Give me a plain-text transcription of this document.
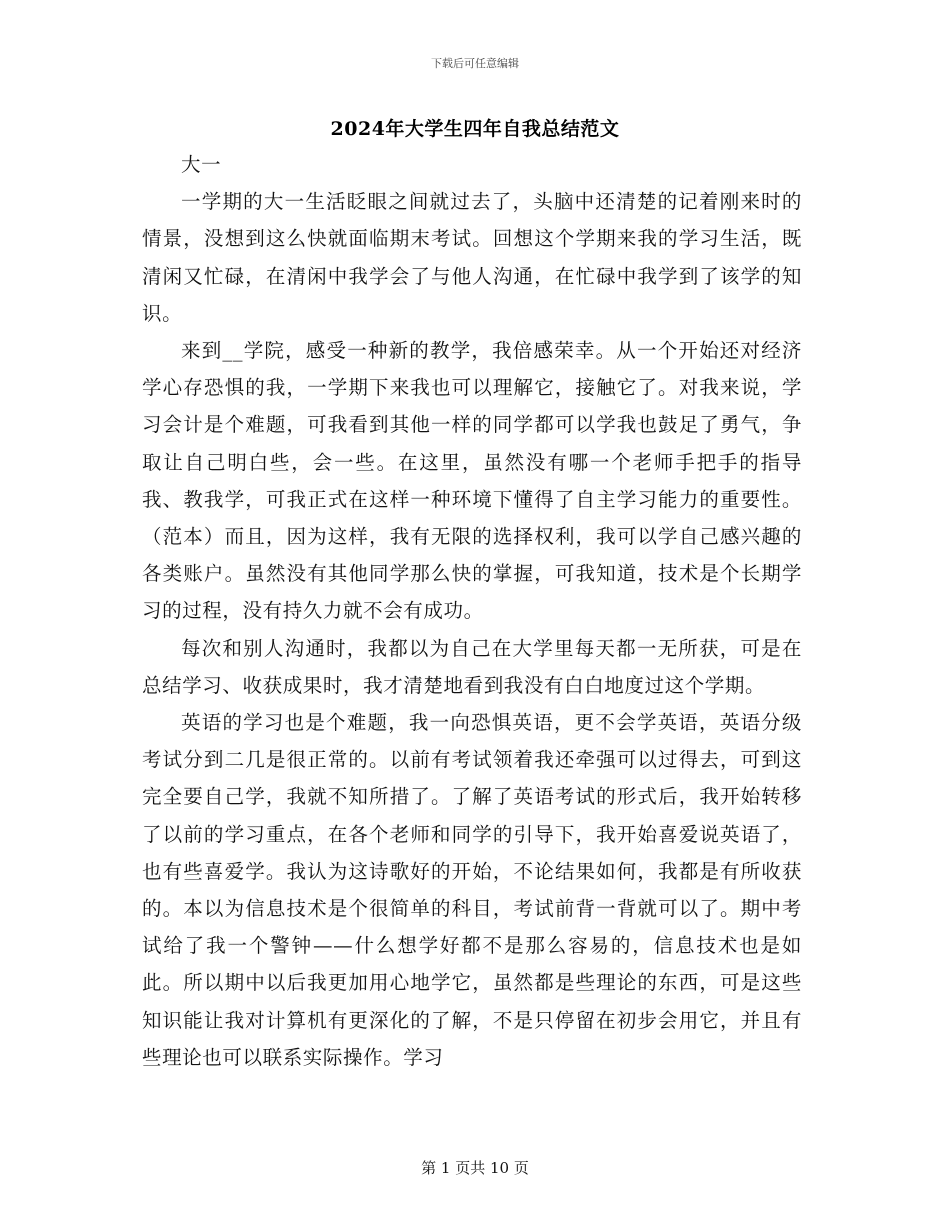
下载后可任意编辑
2024年大学生四年自我总结范文

大一

一学期的大一生活眨眼之间就过去了，头脑中还清楚的记着刚来时的情景，没想到这么快就面临期末考试。回想这个学期来我的学习生活，既清闲又忙碌，在清闲中我学会了与他人沟通，在忙碌中我学到了该学的知识。

来到__学院，感受一种新的教学，我倍感荣幸。从一个开始还对经济学心存恐惧的我，一学期下来我也可以理解它，接触它了。对我来说，学习会计是个难题，可我看到其他一样的同学都可以学我也鼓足了勇气，争取让自己明白些，会一些。在这里，虽然没有哪一个老师手把手的指导我、教我学，可我正式在这样一种环境下懂得了自主学习能力的重要性。（范本）而且，因为这样，我有无限的选择权利，我可以学自己感兴趣的各类账户。虽然没有其他同学那么快的掌握，可我知道，技术是个长期学习的过程，没有持久力就不会有成功。

每次和别人沟通时，我都以为自己在大学里每天都一无所获，可是在总结学习、收获成果时，我才清楚地看到我没有白白地度过这个学期。

英语的学习也是个难题，我一向恐惧英语，更不会学英语，英语分级考试分到二几是很正常的。以前有考试领着我还牵强可以过得去，可到这完全要自己学，我就不知所措了。了解了英语考试的形式后，我开始转移了以前的学习重点，在各个老师和同学的引导下，我开始喜爱说英语了，也有些喜爱学。我认为这诗歌好的开始，不论结果如何，我都是有所收获的。本以为信息技术是个很简单的科目，考试前背一背就可以了。期中考试给了我一个警钟——什么想学好都不是那么容易的，信息技术也是如此。所以期中以后我更加用心地学它，虽然都是些理论的东西，可是这些知识能让我对计算机有更深化的了解，不是只停留在初步会用它，并且有些理论也可以联系实际操作。学习

第 1 页共 10 页
